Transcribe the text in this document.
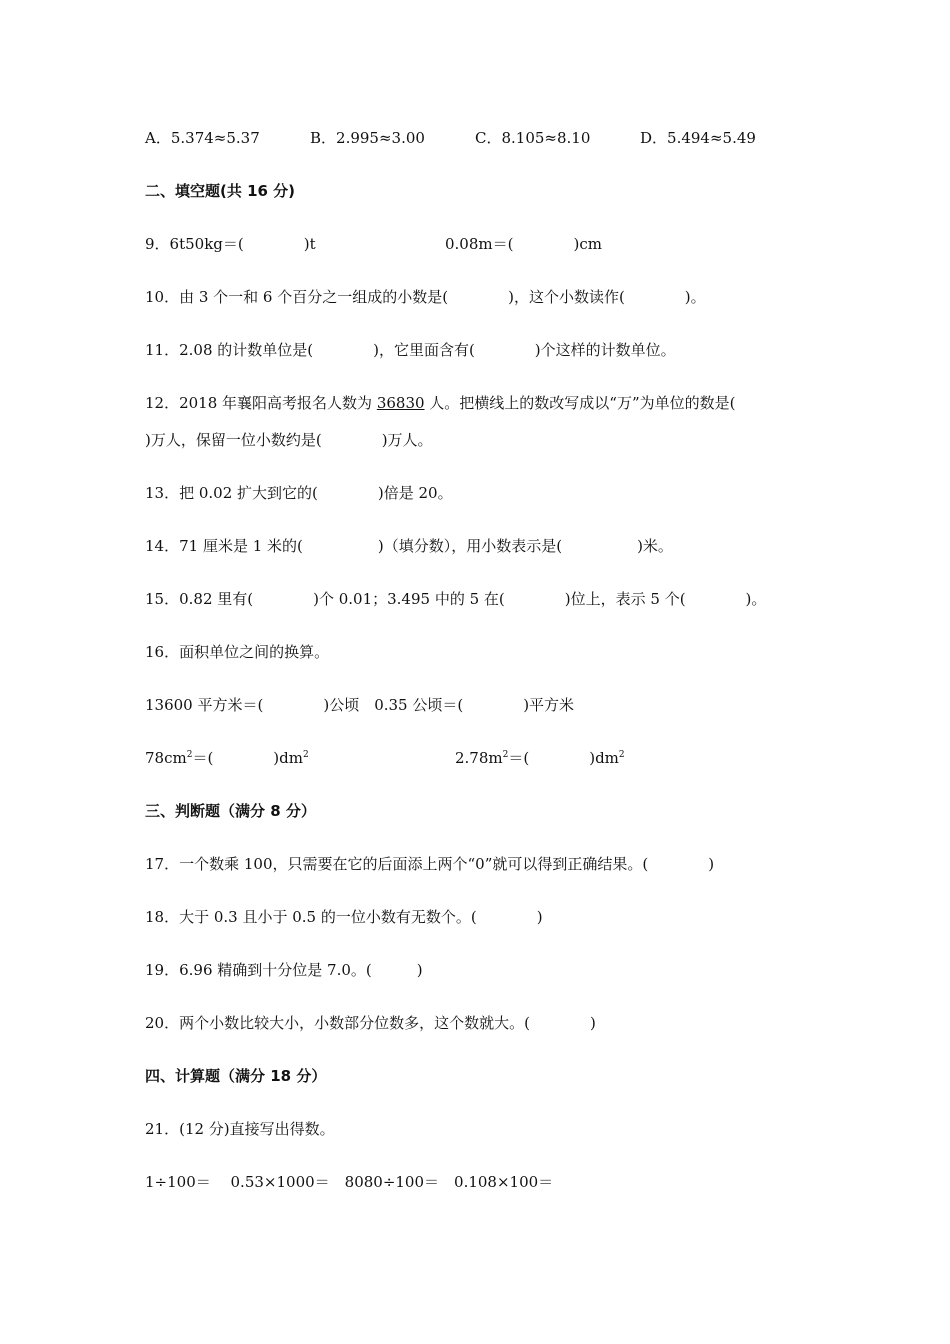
A．5.374≈5.37	B．2.995≈3.00	C．8.105≈8.10	D．5.494≈5.49
二、填空题(共 16 分)
9．6t50kg＝(　　　　)t	0.08m＝(　　　　)cm
10．由 3 个一和 6 个百分之一组成的小数是(　　　　)，这个小数读作(　　　　)。
11．2.08 的计数单位是(　　　　)，它里面含有(　　　　)个这样的计数单位。
12．2018 年襄阳高考报名人数为 36830 人。把横线上的数改写成以“万”为单位的数是(
)万人，保留一位小数约是(　　　　)万人。
13．把 0.02 扩大到它的(　　　　)倍是 20。
14．71 厘米是 1 米的(　　　　　)（填分数），用小数表示是(　　　　　)米。
15．0.82 里有(　　　　)个 0.01；3.495 中的 5 在(　　　　)位上，表示 5 个(　　　　)。
16．面积单位之间的换算。
13600 平方米＝(　　　　)公顷　0.35 公顷＝(　　　　)平方米
$78cm^2=$(　　　　)$dm^2$	$2.78m^2=$(　　　　)$dm^2$
三、判断题（满分 8 分）
17．一个数乘 100，只需要在它的后面添上两个“0”就可以得到正确结果。(　　　　)
18．大于 0.3 且小于 0.5 的一位小数有无数个。(　　　　)
19．6.96 精确到十分位是 7.0。(　　　)
20．两个小数比较大小，小数部分位数多，这个数就大。(　　　　)
四、计算题（满分 18 分）
21．(12 分)直接写出得数。
1÷100＝　 0.53×1000＝　8080÷100＝　0.108×100＝
